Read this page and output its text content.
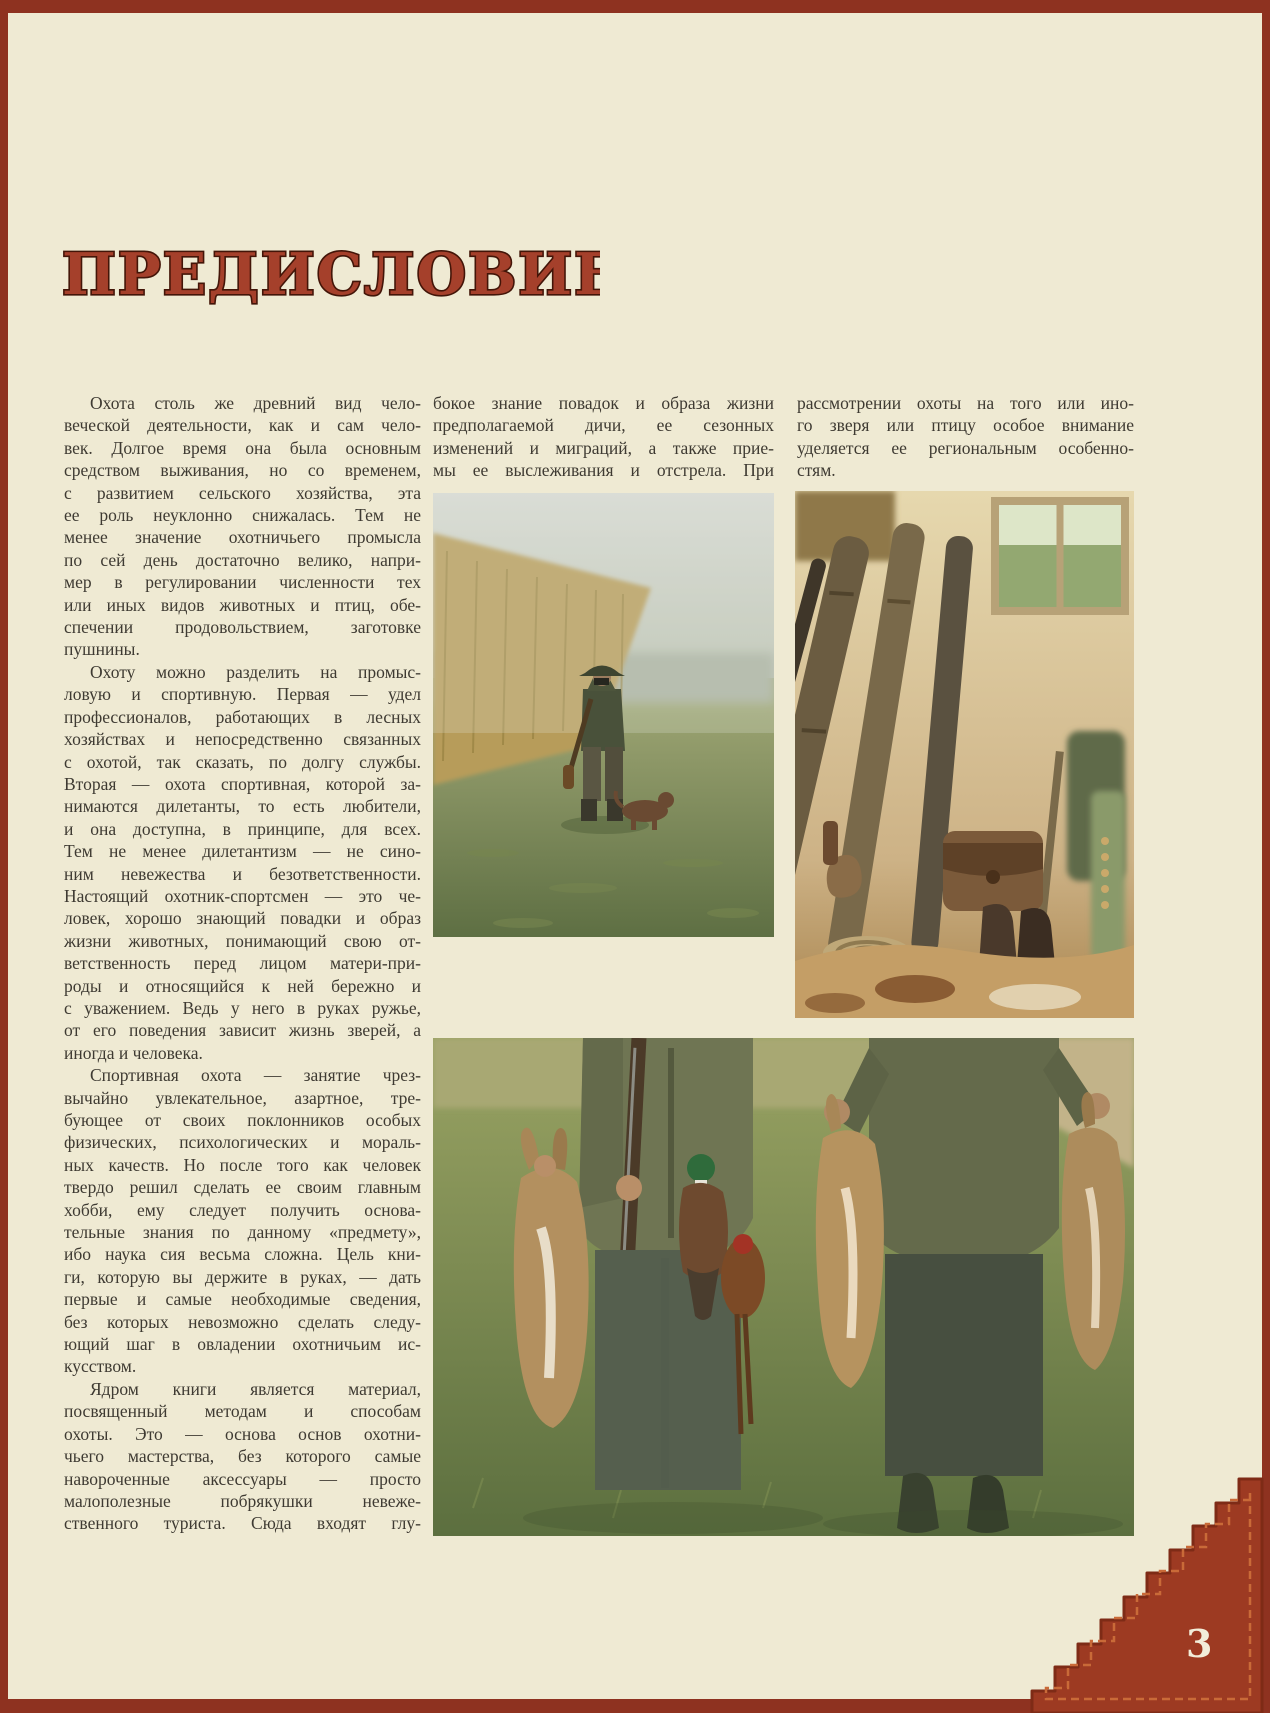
ПРЕДИСЛОВИЕ
Охота столь же древний вид чело-
веческой деятельности, как и сам чело-
век. Долгое время она была основным
средством выживания, но со временем,
с развитием сельского хозяйства, эта
ее роль неуклонно снижалась. Тем не
менее значение охотничьего промысла
по сей день достаточно велико, напри-
мер в регулировании численности тех
или иных видов животных и птиц, обе-
спечении продовольствием, заготовке
пушнины.
Охоту можно разделить на промыс-
ловую и спортивную. Первая — удел
профессионалов, работающих в лесных
хозяйствах и непосредственно связанных
с охотой, так сказать, по долгу службы.
Вторая — охота спортивная, которой за-
нимаются дилетанты, то есть любители,
и она доступна, в принципе, для всех.
Тем не менее дилетантизм — не сино-
ним невежества и безответственности.
Настоящий охотник-спортсмен — это че-
ловек, хорошо знающий повадки и образ
жизни животных, понимающий свою от-
ветственность перед лицом матери-при-
роды и относящийся к ней бережно и
с уважением. Ведь у него в руках ружье,
от его поведения зависит жизнь зверей, а
иногда и человека.
Спортивная охота — занятие чрез-
вычайно увлекательное, азартное, тре-
бующее от своих поклонников особых
физических, психологических и мораль-
ных качеств. Но после того как человек
твердо решил сделать ее своим главным
хобби, ему следует получить основа-
тельные знания по данному «предмету»,
ибо наука сия весьма сложна. Цель кни-
ги, которую вы держите в руках, — дать
первые и самые необходимые сведения,
без которых невозможно сделать следу-
ющий шаг в овладении охотничьим ис-
кусством.
Ядром книги является материал,
посвященный методам и способам
охоты. Это — основа основ охотни-
чьего мастерства, без которого самые
навороченные аксессуары — просто
малополезные побрякушки невеже-
ственного туриста. Сюда входят глу-
бокое знание повадок и образа жизни
предполагаемой дичи, ее сезонных
изменений и миграций, а также прие-
мы ее выслеживания и отстрела. При
рассмотрении охоты на того или ино-
го зверя или птицу особое внимание
уделяется ее региональным особенно-
стям.
3
